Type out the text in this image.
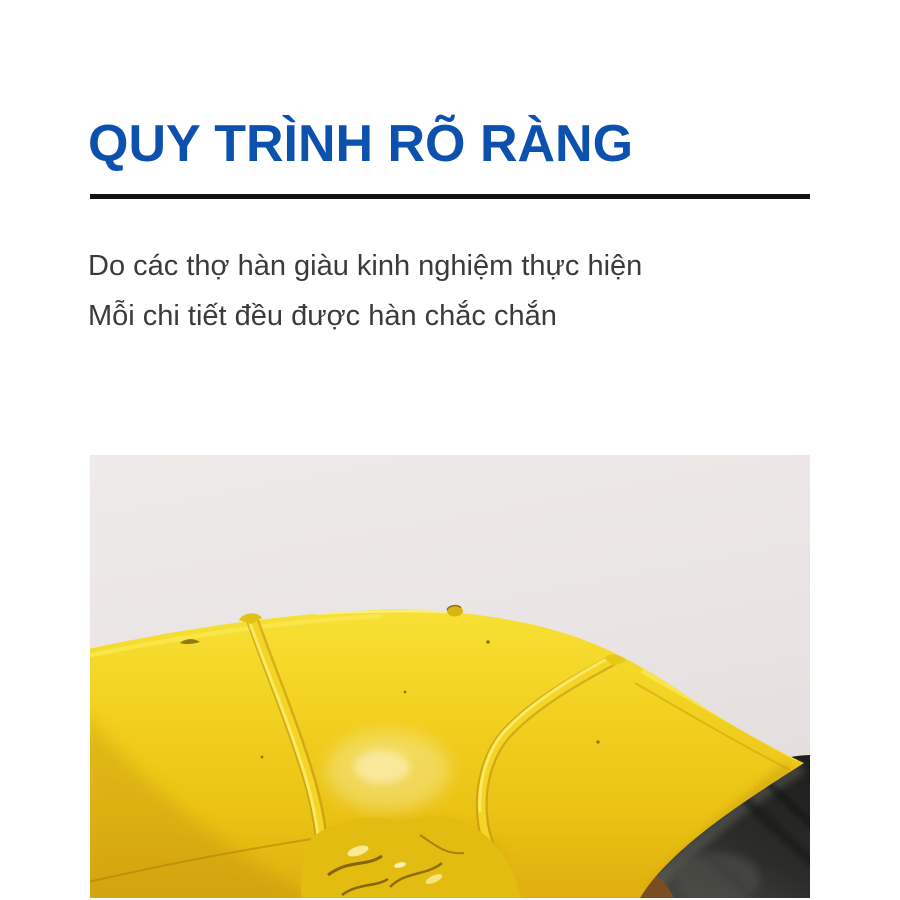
QUY TRÌNH RÕ RÀNG

Do các thợ hàn giàu kinh nghiệm thực hiện

Mỗi chi tiết đều được hàn chắc chắn
